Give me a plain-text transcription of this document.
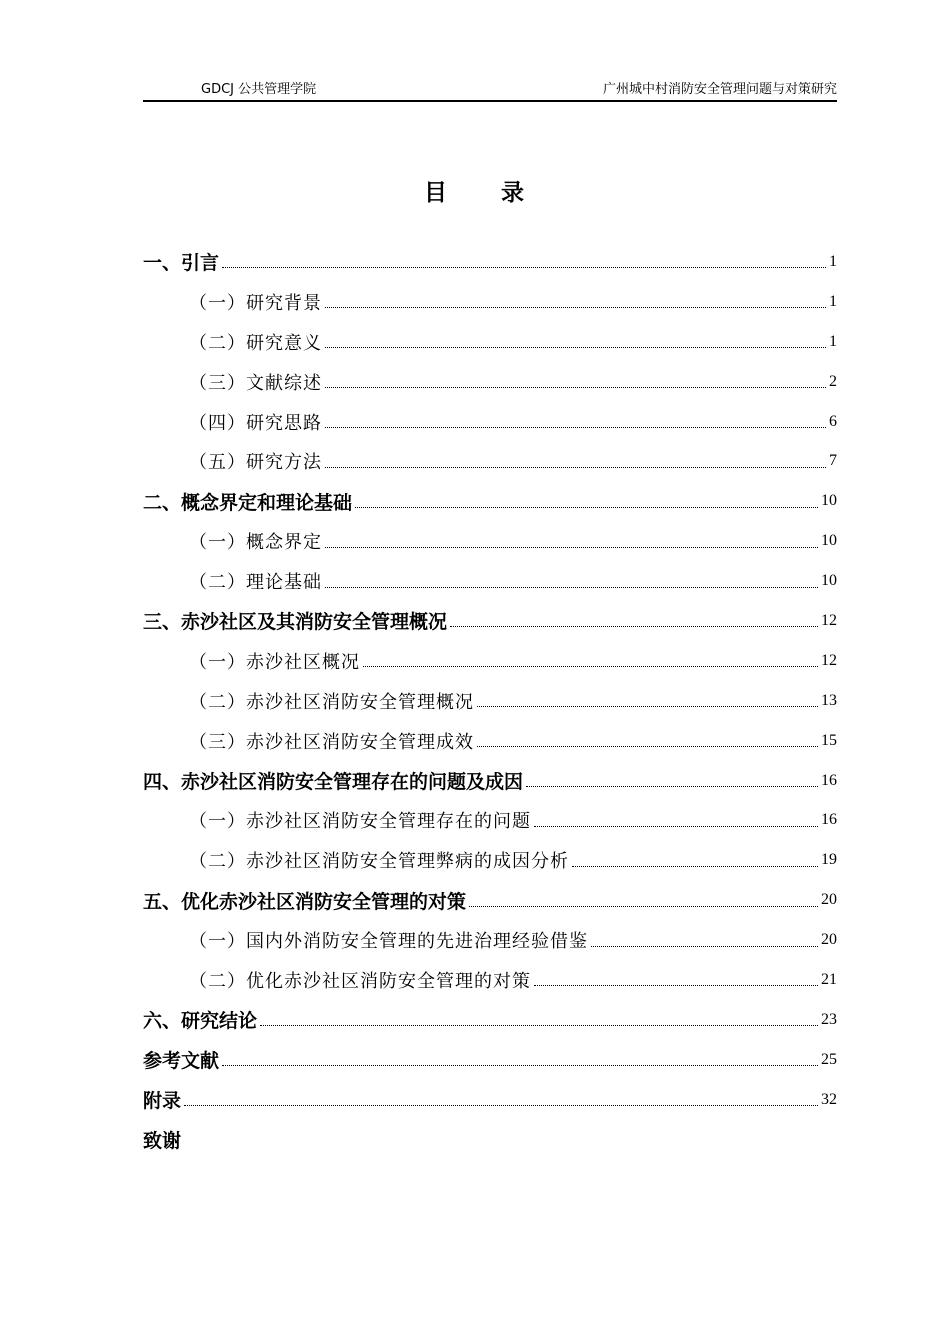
GDCJ 公共管理学院	广州城中村消防安全管理问题与对策研究
目 录
一、引言	1
（一）研究背景	1
（二）研究意义	1
（三）文献综述	2
（四）研究思路	6
（五）研究方法	7
二、概念界定和理论基础	10
（一）概念界定	10
（二）理论基础	10
三、赤沙社区及其消防安全管理概况	12
（一）赤沙社区概况	12
（二）赤沙社区消防安全管理概况	13
（三）赤沙社区消防安全管理成效	15
四、赤沙社区消防安全管理存在的问题及成因	16
（一）赤沙社区消防安全管理存在的问题	16
（二）赤沙社区消防安全管理弊病的成因分析	19
五、优化赤沙社区消防安全管理的对策	20
（一）国内外消防安全管理的先进治理经验借鉴	20
（二）优化赤沙社区消防安全管理的对策	21
六、研究结论	23
参考文献	25
附录	32
致谢
